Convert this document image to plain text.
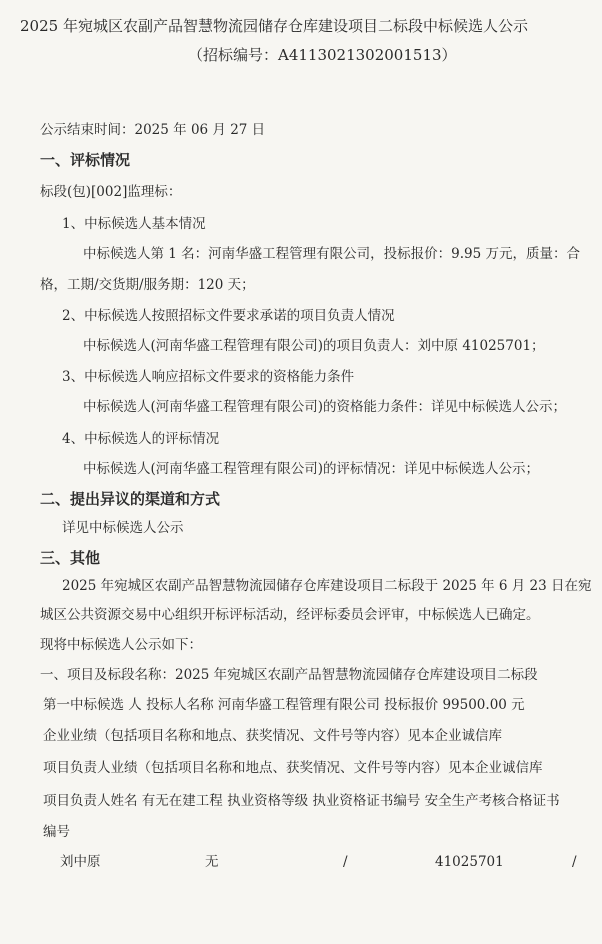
2025 年宛城区农副产品智慧物流园储存仓库建设项目二标段中标候选人公示
（招标编号：A4113021302001513）
公示结束时间：2025 年 06 月 27 日
一、评标情况
标段(包)[002]监理标：
1、中标候选人基本情况
中标候选人第 1 名：河南华盛工程管理有限公司，投标报价：9.95 万元，质量：合
格，工期/交货期/服务期：120 天；
2、中标候选人按照招标文件要求承诺的项目负责人情况
中标候选人(河南华盛工程管理有限公司)的项目负责人：刘中原 41025701；
3、中标候选人响应招标文件要求的资格能力条件
中标候选人(河南华盛工程管理有限公司)的资格能力条件：详见中标候选人公示；
4、中标候选人的评标情况
中标候选人(河南华盛工程管理有限公司)的评标情况：详见中标候选人公示；
二、提出异议的渠道和方式
详见中标候选人公示
三、其他
2025 年宛城区农副产品智慧物流园储存仓库建设项目二标段于 2025 年 6 月 23 日在宛
城区公共资源交易中心组织开标评标活动，经评标委员会评审，中标候选人已确定。
现将中标候选人公示如下：
一、项目及标段名称：2025 年宛城区农副产品智慧物流园储存仓库建设项目二标段
第一中标候选 人 投标人名称 河南华盛工程管理有限公司 投标报价 99500.00 元
企业业绩（包括项目名称和地点、获奖情况、文件号等内容）见本企业诚信库
项目负责人业绩（包括项目名称和地点、获奖情况、文件号等内容）见本企业诚信库
项目负责人姓名 有无在建工程 执业资格等级 执业资格证书编号 安全生产考核合格证书
编号
刘中原	无	/	41025701	/
